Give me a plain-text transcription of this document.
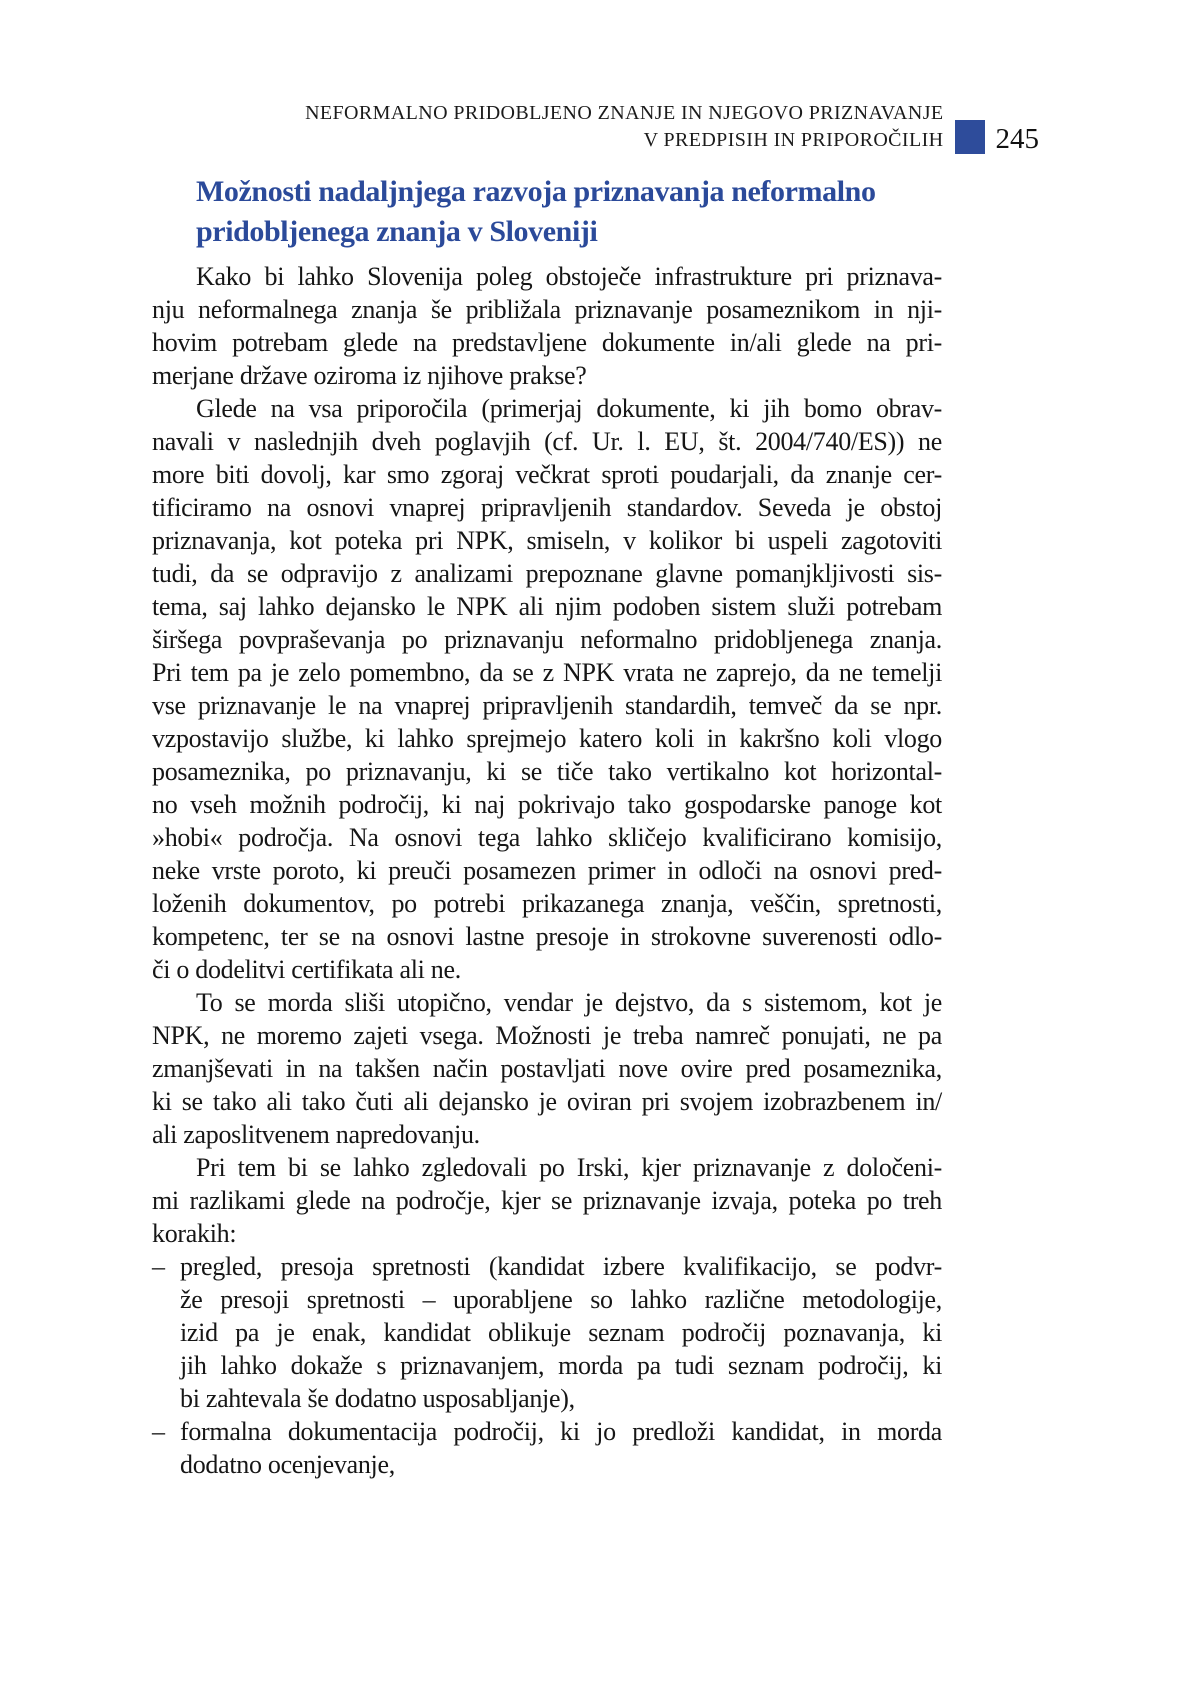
NEFORMALNO PRIDOBLJENO ZNANJE IN NJEGOVO PRIZNAVANJE
V PREDPISIH IN PRIPOROČILIH 245
Možnosti nadaljnjega razvoja priznavanja neformalno
pridobljenega znanja v Sloveniji
Kako bi lahko Slovenija poleg obstoječe infrastrukture pri priznava-
nju neformalnega znanja še približala priznavanje posameznikom in nji-
hovim potrebam glede na predstavljene dokumente in/ali glede na pri-
merjane države oziroma iz njihove prakse?
Glede na vsa priporočila (primerjaj dokumente, ki jih bomo obrav-
navali v naslednjih dveh poglavjih (cf. Ur. l. EU, št. 2004/740/ES)) ne
more biti dovolj, kar smo zgoraj večkrat sproti poudarjali, da znanje cer-
tificiramo na osnovi vnaprej pripravljenih standardov. Seveda je obstoj
priznavanja, kot poteka pri NPK, smiseln, v kolikor bi uspeli zagotoviti
tudi, da se odpravijo z analizami prepoznane glavne pomanjkljivosti sis-
tema, saj lahko dejansko le NPK ali njim podoben sistem služi potrebam
širšega povpraševanja po priznavanju neformalno pridobljenega znanja.
Pri tem pa je zelo pomembno, da se z NPK vrata ne zaprejo, da ne temelji
vse priznavanje le na vnaprej pripravljenih standardih, temveč da se npr.
vzpostavijo službe, ki lahko sprejmejo katero koli in kakršno koli vlogo
posameznika, po priznavanju, ki se tiče tako vertikalno kot horizontal-
no vseh možnih področij, ki naj pokrivajo tako gospodarske panoge kot
»hobi« področja. Na osnovi tega lahko skličejo kvalificirano komisijo,
neke vrste poroto, ki preuči posamezen primer in odloči na osnovi pred-
loženih dokumentov, po potrebi prikazanega znanja, veščin, spretnosti,
kompetenc, ter se na osnovi lastne presoje in strokovne suverenosti odlo-
či o dodelitvi certifikata ali ne.
To se morda sliši utopično, vendar je dejstvo, da s sistemom, kot je
NPK, ne moremo zajeti vsega. Možnosti je treba namreč ponujati, ne pa
zmanjševati in na takšen način postavljati nove ovire pred posameznika,
ki se tako ali tako čuti ali dejansko je oviran pri svojem izobrazbenem in/
ali zaposlitvenem napredovanju.
Pri tem bi se lahko zgledovali po Irski, kjer priznavanje z določeni-
mi razlikami glede na področje, kjer se priznavanje izvaja, poteka po treh
korakih:
– pregled, presoja spretnosti (kandidat izbere kvalifikacijo, se podvr-
že presoji spretnosti – uporabljene so lahko različne metodologije,
izid pa je enak, kandidat oblikuje seznam področij poznavanja, ki
jih lahko dokaže s priznavanjem, morda pa tudi seznam področij, ki
bi zahtevala še dodatno usposabljanje),
– formalna dokumentacija področij, ki jo predloži kandidat, in morda
dodatno ocenjevanje,
